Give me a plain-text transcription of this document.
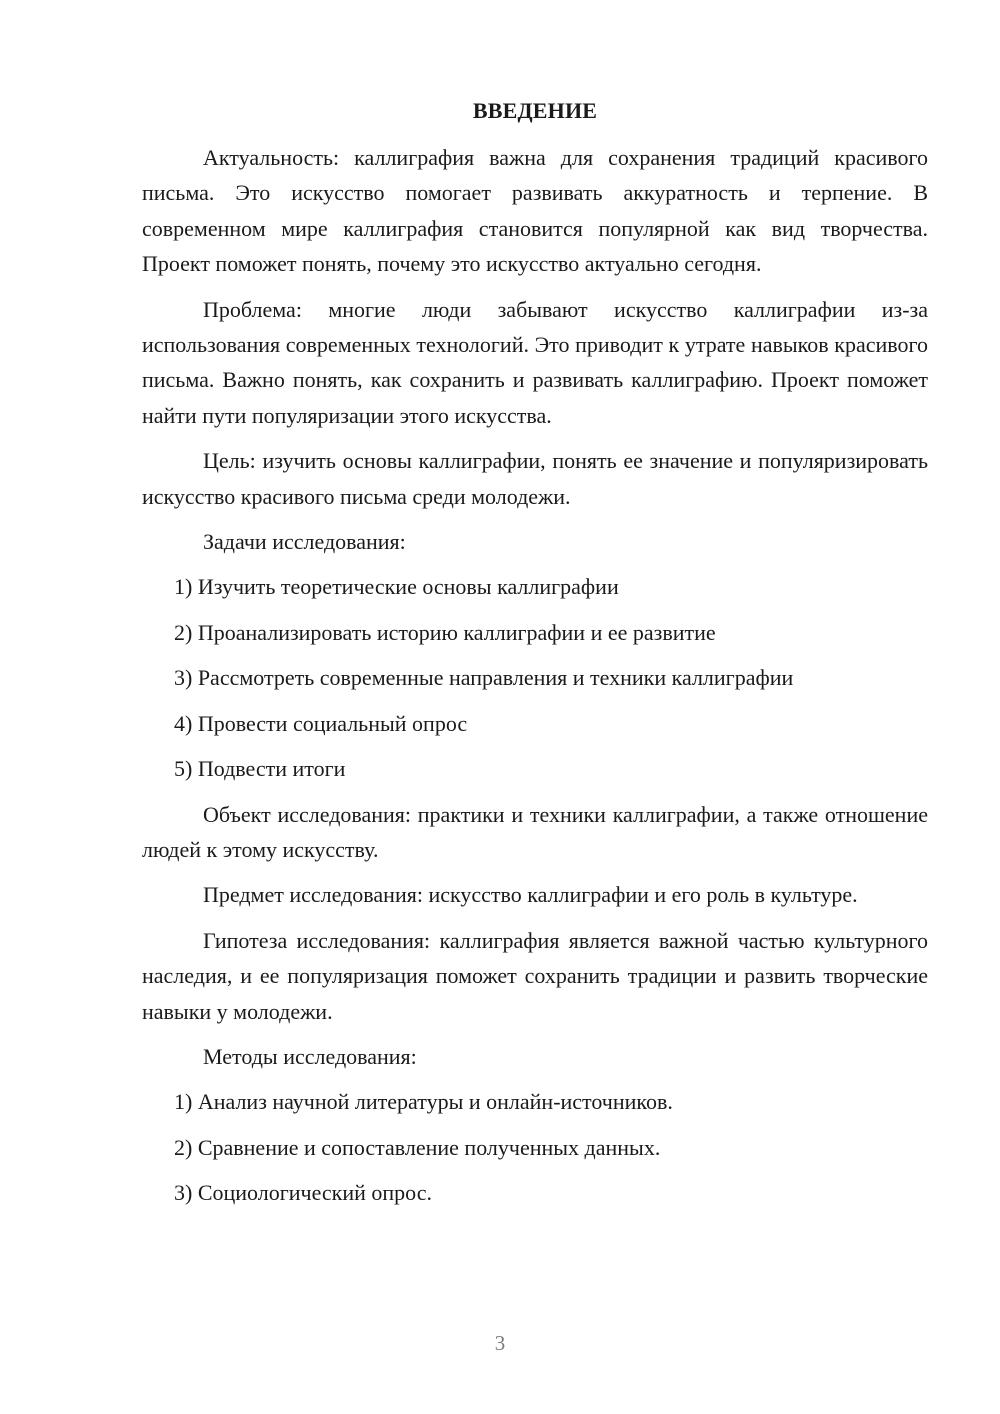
ВВЕДЕНИЕ

Актуальность: каллиграфия важна для сохранения традиций красивого письма. Это искусство помогает развивать аккуратность и терпение. В современном мире каллиграфия становится популярной как вид творчества. Проект поможет понять, почему это искусство актуально сегодня.

Проблема: многие люди забывают искусство каллиграфии из-за использования современных технологий. Это приводит к утрате навыков красивого письма. Важно понять, как сохранить и развивать каллиграфию. Проект поможет найти пути популяризации этого искусства.

Цель: изучить основы каллиграфии, понять ее значение и популяризировать искусство красивого письма среди молодежи.

Задачи исследования:

1) Изучить теоретические основы каллиграфии
2) Проанализировать историю каллиграфии и ее развитие
3) Рассмотреть современные направления и техники каллиграфии
4) Провести социальный опрос
5) Подвести итоги

Объект исследования: практики и техники каллиграфии, а также отношение людей к этому искусству.

Предмет исследования: искусство каллиграфии и его роль в культуре.

Гипотеза исследования: каллиграфия является важной частью культурного наследия, и ее популяризация поможет сохранить традиции и развить творческие навыки у молодежи.

Методы исследования:

1) Анализ научной литературы и онлайн-источников.
2) Сравнение и сопоставление полученных данных.
3) Социологический опрос.
3
